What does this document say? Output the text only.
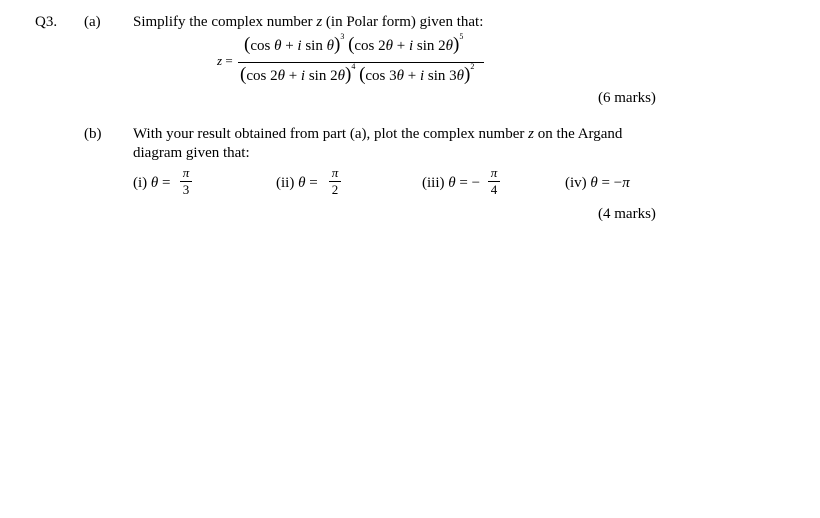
Q3. (a) Simplify the complex number z (in Polar form) given that:
z =
(cos θ + i sin θ)$^3$ (cos 2θ + i sin 2θ)$^5$
(cos 2θ + i sin 2θ)$^4$ (cos 3θ + i sin 3θ)$^2$
(6 marks)
(b) With your result obtained from part (a), plot the complex number z on the Argand
diagram given that:
(i) θ =
π
3	(ii) θ =
π
2	(iii) θ = −
π
4	(iv) θ = −π
(4 marks)
